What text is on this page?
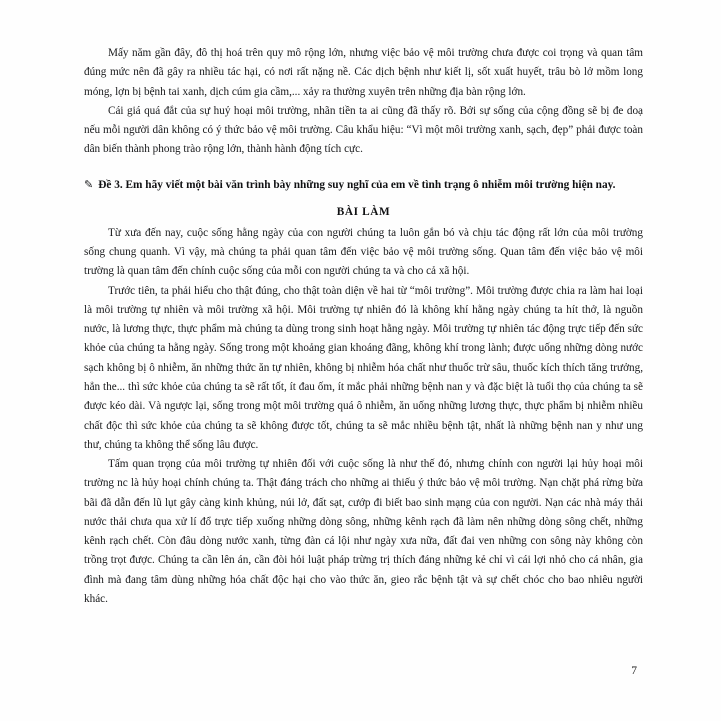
Mấy năm gần đây, đô thị hoá trên quy mô rộng lớn, nhưng việc bảo vệ môi trường chưa được coi trọng và quan tâm đúng mức nên đã gây ra nhiều tác hại, có nơi rất nặng nề. Các dịch bệnh như kiết lị, sốt xuất huyết, trâu bò lở mồm long móng, lợn bị bệnh tai xanh, dịch cúm gia cầm,... xảy ra thường xuyên trên những địa bàn rộng lớn.

Cái giá quá đắt của sự huỷ hoại môi trường, nhãn tiền ta ai cũng đã thấy rõ. Bởi sự sống của cộng đồng sẽ bị đe doạ nếu mỗi người dân không có ý thức bảo vệ môi trường. Câu khẩu hiệu: “Vì một môi trường xanh, sạch, đẹp” phải được toàn dân biến thành phong trào rộng lớn, thành hành động tích cực.

✎ Đề 3. Em hãy viết một bài văn trình bày những suy nghĩ của em về tình trạng ô nhiễm môi trường hiện nay.
BÀI LÀM

Từ xưa đến nay, cuộc sống hằng ngày của con người chúng ta luôn gắn bó và chịu tác động rất lớn của môi trường sống chung quanh. Vì vậy, mà chúng ta phải quan tâm đến việc bảo vệ môi trường sống. Quan tâm đến việc bảo vệ môi trường là quan tâm đến chính cuộc sống của mỗi con người chúng ta và cho cả xã hội.

Trước tiên, ta phải hiểu cho thật đúng, cho thật toàn diện về hai từ “môi trường”. Môi trường được chia ra làm hai loại là môi trường tự nhiên và môi trường xã hội. Môi trường tự nhiên đó là không khí hằng ngày chúng ta hít thở, là nguồn nước, là lương thực, thực phẩm mà chúng ta dùng trong sinh hoạt hằng ngày. Môi trường tự nhiên tác động trực tiếp đến sức khỏe của chúng ta hằng ngày. Sống trong một khoảng gian khoáng đãng, không khí trong lành; được uống những dòng nước sạch không bị ô nhiễm, ăn những thức ăn tự nhiên, không bị nhiễm hóa chất như thuốc trừ sâu, thuốc kích thích tăng trưởng, hẳn the... thì sức khỏe của chúng ta sẽ rất tốt, ít đau ốm, ít mắc phải những bệnh nan y và đặc biệt là tuổi thọ của chúng ta sẽ được kéo dài. Và ngược lại, sống trong một môi trường quá ô nhiễm, ăn uống những lương thực, thực phẩm bị nhiễm nhiều chất độc thì sức khỏe của chúng ta sẽ không được tốt, chúng ta sẽ mắc nhiều bệnh tật, nhất là những bệnh nan y như ung thư, chúng ta không thể sống lâu được.

Tấm quan trọng của môi trường tự nhiên đối với cuộc sống là như thế đó, nhưng chính con người lại hủy hoại môi trường nc là hủy hoại chính chúng ta. Thật đáng trách cho những ai thiếu ý thức bảo vệ môi trường. Nạn chặt phá rừng bừa bãi đã dẫn đến lũ lụt gây càng kinh khủng, núi lở, đất sạt, cướp đi biết bao sinh mạng của con người. Nạn các nhà máy thải nước thải chưa qua xử lí đổ trực tiếp xuống những dòng sông, những kênh rạch đã làm nên những dòng sông chết, những kênh rạch chết. Còn đâu dòng nước xanh, từng đàn cá lội như ngày xưa nữa, đất đai ven những con sông này không còn trồng trọt được. Chúng ta cần lên án, cần đòi hỏi luật pháp trừng trị thích đáng những kẻ chỉ vì cái lợi nhỏ cho cá nhân, gia đình mà đang tâm dùng những hóa chất độc hại cho vào thức ăn, gieo rắc bệnh tật và sự chết chóc cho bao nhiêu người khác.

7
